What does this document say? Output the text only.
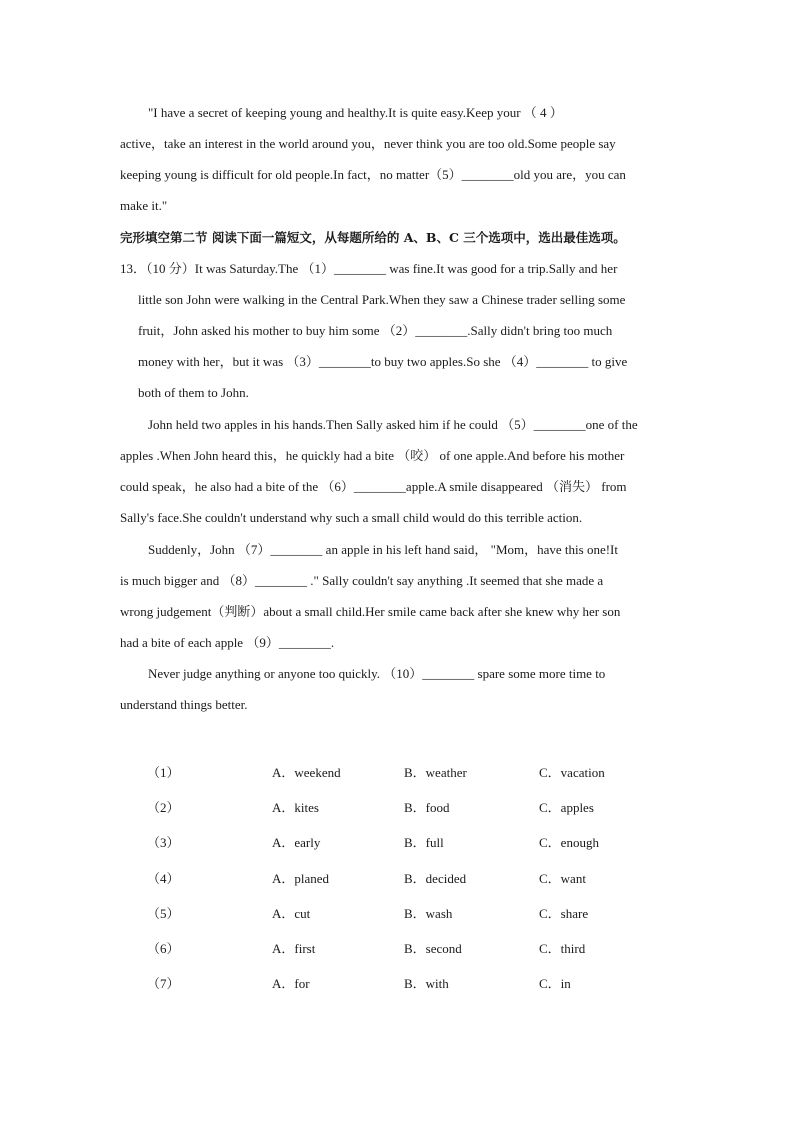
"I have a secret of keeping young and healthy.It is quite easy.Keep your （ 4 ）
active，take an interest in the world around you，never think you are too old.Some people say
keeping young is difficult for old people.In fact，no matter（5）________old you are，you can
make it."
完形填空第二节 阅读下面一篇短文，从每题所给的 A、B、C 三个选项中，选出最佳选项。
13．（10 分）It was Saturday.The （1）________ was fine.It was good for a trip.Sally and her
little son John were walking in the Central Park.When they saw a Chinese trader selling some
fruit，John asked his mother to buy him some （2）________.Sally didn't bring too much
money with her，but it was （3）________to buy two apples.So she （4）________ to give
both of them to John.
John held two apples in his hands.Then Sally asked him if he could （5）________one of the
apples .When John heard this，he quickly had a bite （咬） of one apple.And before his mother
could speak，he also had a bite of the （6）________apple.A smile disappeared （消失） from
Sally's face.She couldn't understand why such a small child would do this terrible action.
Suddenly，John （7）________ an apple in his left hand said， "Mom，have this one!It
is much bigger and （8）________ ." Sally couldn't say anything .It seemed that she made a
wrong judgement（判断）about a small child.Her smile came back after she knew why her son
had a bite of each apple （9）________.
Never judge anything or anyone too quickly. （10）________ spare some more time to
understand things better.
（1）	A．weekend	B．weather	C．vacation
（2）	A．kites	B．food	C．apples
（3）	A．early	B．full	C．enough
（4）	A．planed	B．decided	C．want
（5）	A．cut	B．wash	C．share
（6）	A．first	B．second	C．third
（7）	A．for	B．with	C．in
